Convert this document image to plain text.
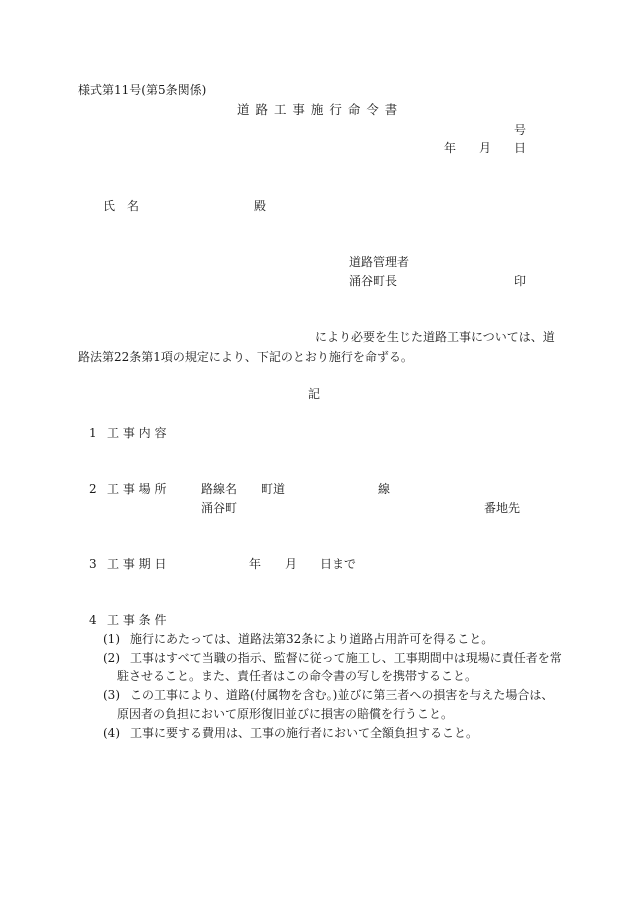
様式第11号(第5条関係)
道 路 工 事 施 行 命 令 書
号
年 月 日
氏　名	殿
道路管理者
涌谷町長	印
により必要を生じた道路工事については、道
路法第22条第1項の規定により、下記のとおり施行を命ずる。
記
1 工 事 内 容
2 工 事 場 所	路線名 町道	線
涌谷町	番地先
3 工 事 期 日	年 月 日まで
4 工 事 条 件
(1) 施行にあたっては、道路法第32条により道路占用許可を得ること。
(2) 工事はすべて当職の指示、監督に従って施工し、工事期間中は現場に責任者を常
駐させること。また、責任者はこの命令書の写しを携帯すること。
(3) この工事により、道路(付属物を含む。)並びに第三者への損害を与えた場合は、
原因者の負担において原形復旧並びに損害の賠償を行うこと。
(4) 工事に要する費用は、工事の施行者において全額負担すること。
